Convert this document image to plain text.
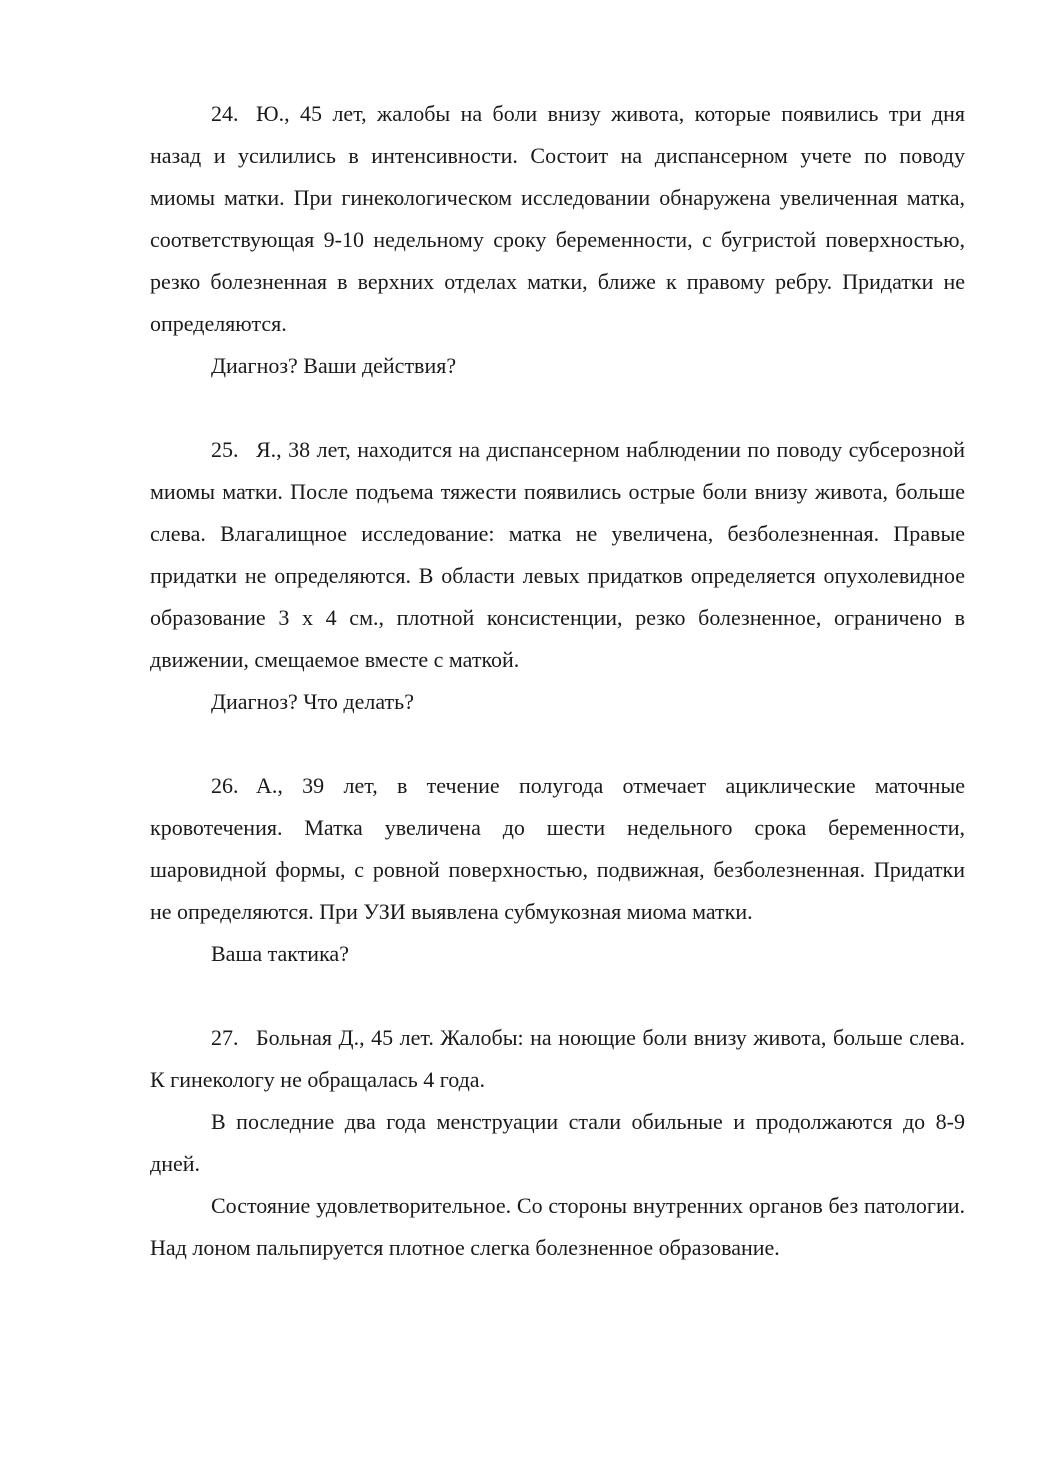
24. Ю., 45 лет, жалобы на боли внизу живота, которые появились три дня назад и усилились в интенсивности. Состоит на диспансерном учете по поводу миомы матки. При гинекологическом исследовании обнаружена увеличенная матка, соответствующая 9-10 недельному сроку беременности, с бугристой поверхностью, резко болезненная в верхних отделах матки, ближе к правому ребру. Придатки не определяются.

Диагноз? Ваши действия?

25. Я., 38 лет, находится на диспансерном наблюдении по поводу субсерозной миомы матки. После подъема тяжести появились острые боли внизу живота, больше слева. Влагалищное исследование: матка не увеличена, безболезненная. Правые придатки не определяются. В области левых придатков определяется опухолевидное образование 3 х 4 см., плотной консистенции, резко болезненное, ограничено в движении, смещаемое вместе с маткой.

Диагноз? Что делать?

26. А., 39 лет, в течение полугода отмечает ациклические маточные кровотечения. Матка увеличена до шести недельного срока беременности, шаровидной формы, с ровной поверхностью, подвижная, безболезненная. Придатки не определяются. При УЗИ выявлена субмукозная миома матки.

Ваша тактика?

27. Больная Д., 45 лет. Жалобы: на ноющие боли внизу живота, больше слева. К гинекологу не обращалась 4 года.

В последние два года менструации стали обильные и продолжаются до 8-9 дней.

Состояние удовлетворительное. Со стороны внутренних органов без патологии. Над лоном пальпируется плотное слегка болезненное образование.
